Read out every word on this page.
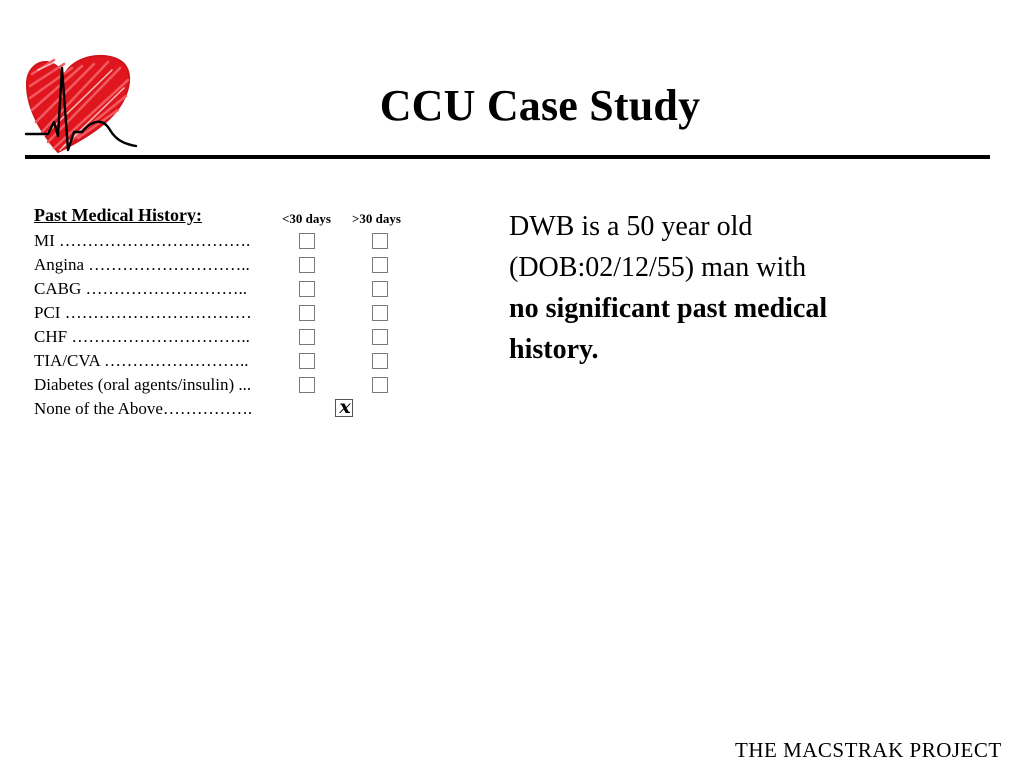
CCU Case Study
Past Medical History:	<30 days >30 days
MI …………………………….
Angina ………………………..
CABG ………………………..
PCI ……………………………
CHF …………………………..
TIA/CVA ……………………..
Diabetes (oral agents/insulin) ...
None of the Above…………….	x
DWB is a 50 year old
(DOB:02/12/55) man with
no significant past medical
history.
THE MACSTRAK PROJECT
